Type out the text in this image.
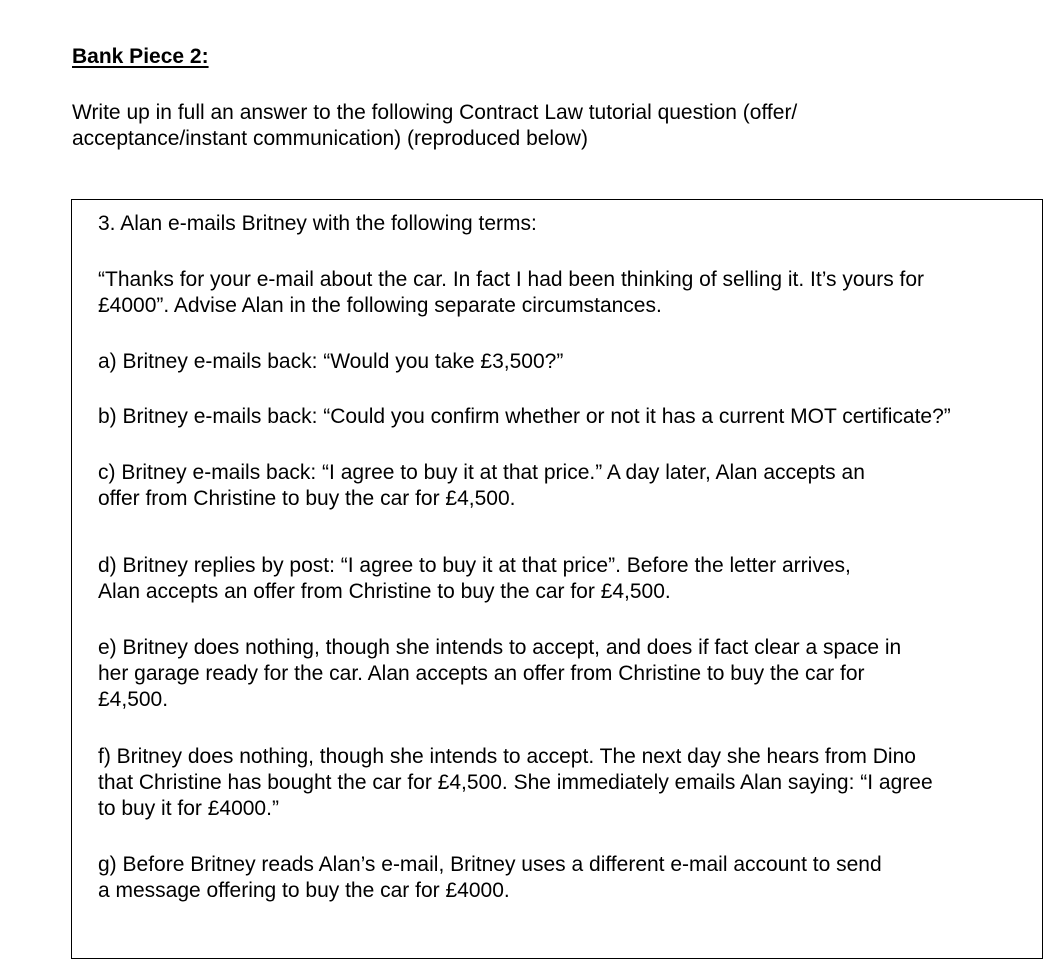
Bank Piece 2:

Write up in full an answer to the following Contract Law tutorial question (offer/
acceptance/instant communication) (reproduced below)

3. Alan e-mails Britney with the following terms:

“Thanks for your e-mail about the car. In fact I had been thinking of selling it. It’s yours for
£4000”. Advise Alan in the following separate circumstances.

a) Britney e-mails back: “Would you take £3,500?”

b) Britney e-mails back: “Could you confirm whether or not it has a current MOT certificate?”

c) Britney e-mails back: “I agree to buy it at that price.” A day later, Alan accepts an
offer from Christine to buy the car for £4,500.

d) Britney replies by post: “I agree to buy it at that price”. Before the letter arrives,
Alan accepts an offer from Christine to buy the car for £4,500.

e) Britney does nothing, though she intends to accept, and does if fact clear a space in
her garage ready for the car. Alan accepts an offer from Christine to buy the car for
£4,500.

f) Britney does nothing, though she intends to accept. The next day she hears from Dino
that Christine has bought the car for £4,500. She immediately emails Alan saying: “I agree
to buy it for £4000.”

g) Before Britney reads Alan’s e-mail, Britney uses a different e-mail account to send
a message offering to buy the car for £4000.
